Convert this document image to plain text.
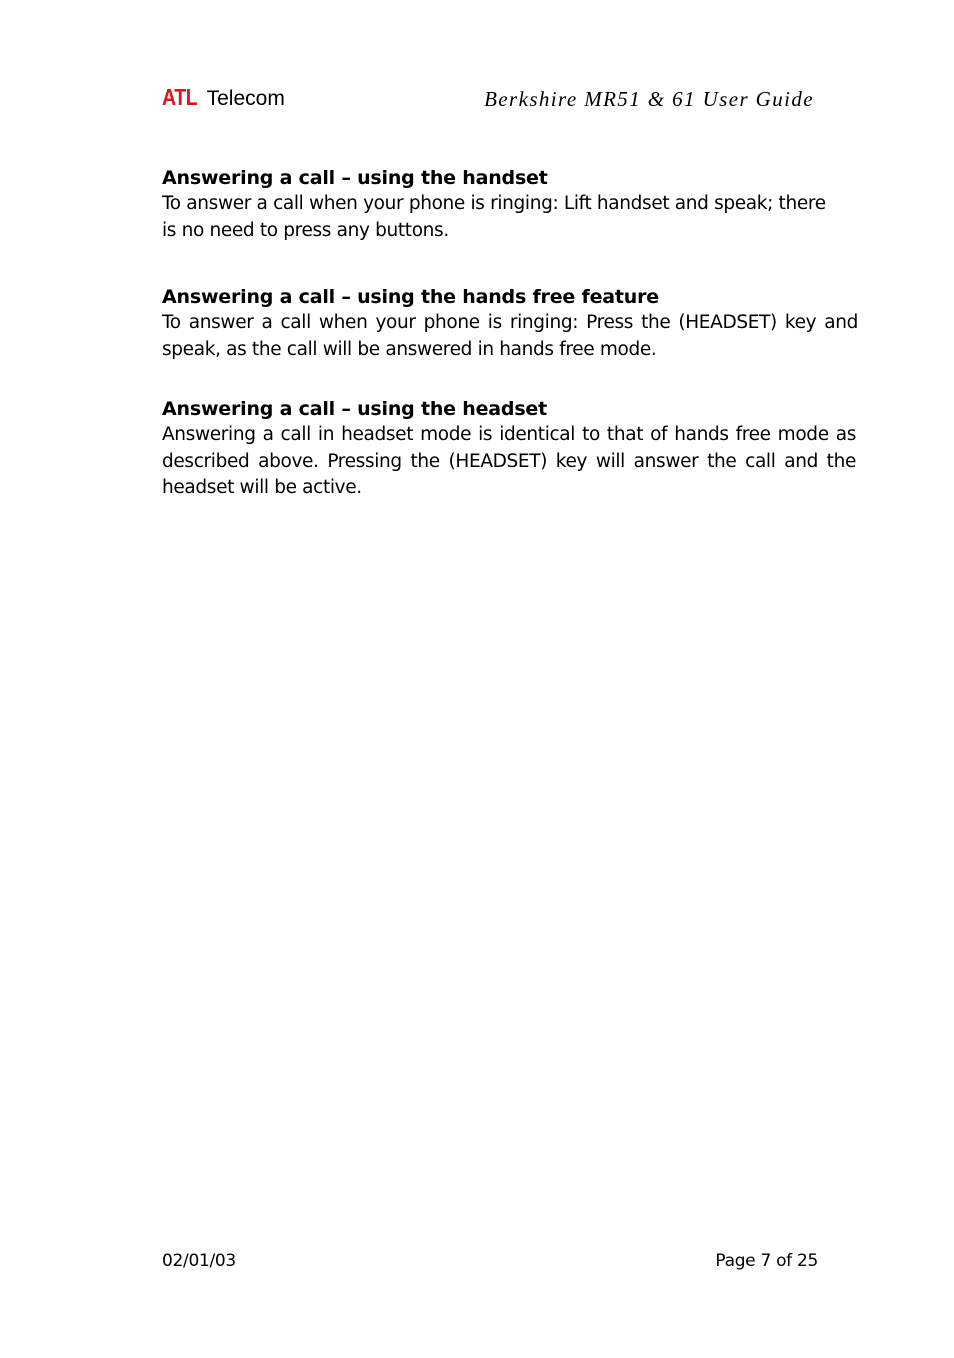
ATL Telecom	Berkshire MR51 & 61 User Guide
Answering a call – using the handset

To answer a call when your phone is ringing: Lift handset and speak; there is no need to press any buttons.

Answering a call – using the hands free feature

To answer a call when your phone is ringing: Press the (HEADSET) key and speak, as the call will be answered in hands free mode.

Answering a call – using the headset

Answering a call in headset mode is identical to that of hands free mode as described above. Pressing the (HEADSET) key will answer the call and the headset will be active.

02/01/03	Page 7 of 25
